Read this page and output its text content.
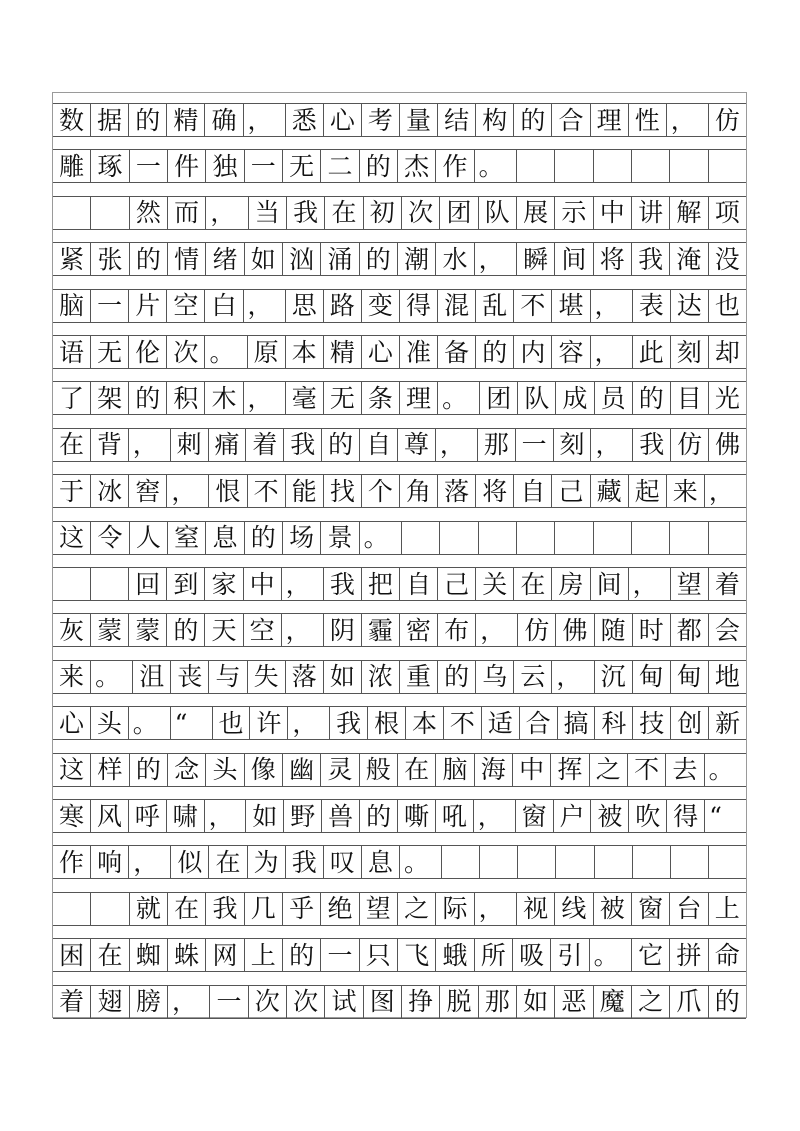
数 据 的 精 确 ， 悉 心 考 量 结 构 的 合 理 性 ， 仿
雕 琢 一 件 独 一 无 二 的 杰 作 。
然 而 ， 当 我 在 初 次 团 队 展 示 中 讲 解 项
紧 张 的 情 绪 如 汹 涌 的 潮 水 ， 瞬 间 将 我 淹 没
脑 一 片 空 白 ， 思 路 变 得 混 乱 不 堪 ， 表 达 也
语 无 伦 次 。 原 本 精 心 准 备 的 内 容 ， 此 刻 却
了 架 的 积 木 ， 毫 无 条 理 。 团 队 成 员 的 目 光
在 背 ， 刺 痛 着 我 的 自 尊 ， 那 一 刻 ， 我 仿 佛
于 冰 窖 ， 恨 不 能 找 个 角 落 将 自 己 藏 起 来 ，
这 令 人 窒 息 的 场 景 。
回 到 家 中 ， 我 把 自 己 关 在 房 间 ， 望 着
灰 蒙 蒙 的 天 空 ， 阴 霾 密 布 ， 仿 佛 随 时 都 会
来 。 沮 丧 与 失 落 如 浓 重 的 乌 云 ， 沉 甸 甸 地
心 头 。 “	也 许 ， 我 根 本 不 适 合 搞 科 技 创 新
这 样 的 念 头 像 幽 灵 般 在 脑 海 中 挥 之 不 去 。
寒 风 呼 啸 ， 如 野 兽 的 嘶 吼 ， 窗 户 被 吹 得 “
作 响 ， 似 在 为 我 叹 息 。
就 在 我 几 乎 绝 望 之 际 ， 视 线 被 窗 台 上
困 在 蜘 蛛 网 上 的 一 只 飞 蛾 所 吸 引 。 它 拼 命
着 翅 膀 ， 一 次 次 试 图 挣 脱 那 如 恶 魔 之 爪 的
